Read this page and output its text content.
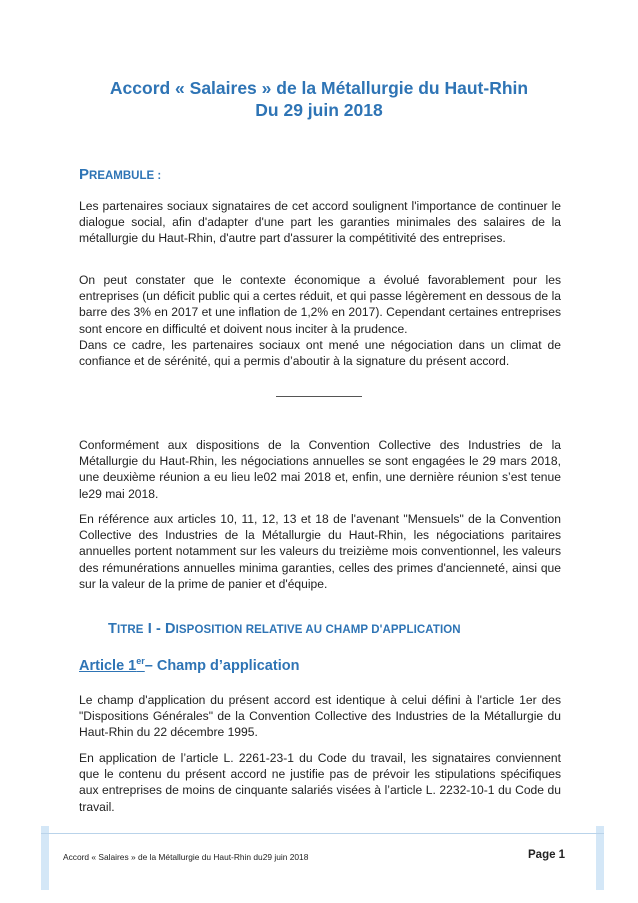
Accord « Salaires » de la Métallurgie du Haut-Rhin
Du 29 juin 2018
PREAMBULE :
Les partenaires sociaux signataires de cet accord soulignent l'importance de continuer le dialogue social, afin d'adapter d'une part les garanties minimales des salaires de la métallurgie du Haut-Rhin, d'autre part d'assurer la compétitivité des entreprises.
On peut constater que le contexte économique a évolué favorablement pour les entreprises (un déficit public qui a certes réduit, et qui passe légèrement en dessous de la barre des 3% en 2017 et une inflation de 1,2% en 2017). Cependant certaines entreprises sont encore en difficulté et doivent nous inciter à la prudence.
Dans ce cadre, les partenaires sociaux ont mené une négociation dans un climat de confiance et de sérénité, qui a permis d’aboutir à la signature du présent accord.
Conformément aux dispositions de la Convention Collective des Industries de la Métallurgie du Haut-Rhin, les négociations annuelles se sont engagées le 29 mars 2018, une deuxième réunion a eu lieu le02 mai 2018 et, enfin, une dernière réunion s’est tenue le29 mai 2018.
En référence aux articles 10, 11, 12, 13 et 18 de l'avenant "Mensuels" de la Convention Collective des Industries de la Métallurgie du Haut-Rhin, les négociations paritaires annuelles portent notamment sur les valeurs du treizième mois conventionnel, les valeurs des rémunérations annuelles minima garanties, celles des primes d'ancienneté, ainsi que sur la valeur de la prime de panier et d'équipe.
TITRE I - DISPOSITION RELATIVE AU CHAMP D'APPLICATION
Article 1er– Champ d’application
Le champ d'application du présent accord est identique à celui défini à l'article 1er des "Dispositions Générales" de la Convention Collective des Industries de la Métallurgie du Haut-Rhin du 22 décembre 1995.
En application de l’article L. 2261-23-1 du Code du travail, les signataires conviennent que le contenu du présent accord ne justifie pas de prévoir les stipulations spécifiques aux entreprises de moins de cinquante salariés visées à l’article L. 2232-10-1 du Code du travail.
Accord « Salaires » de la Métallurgie du Haut-Rhin du29 juin 2018	Page 1
